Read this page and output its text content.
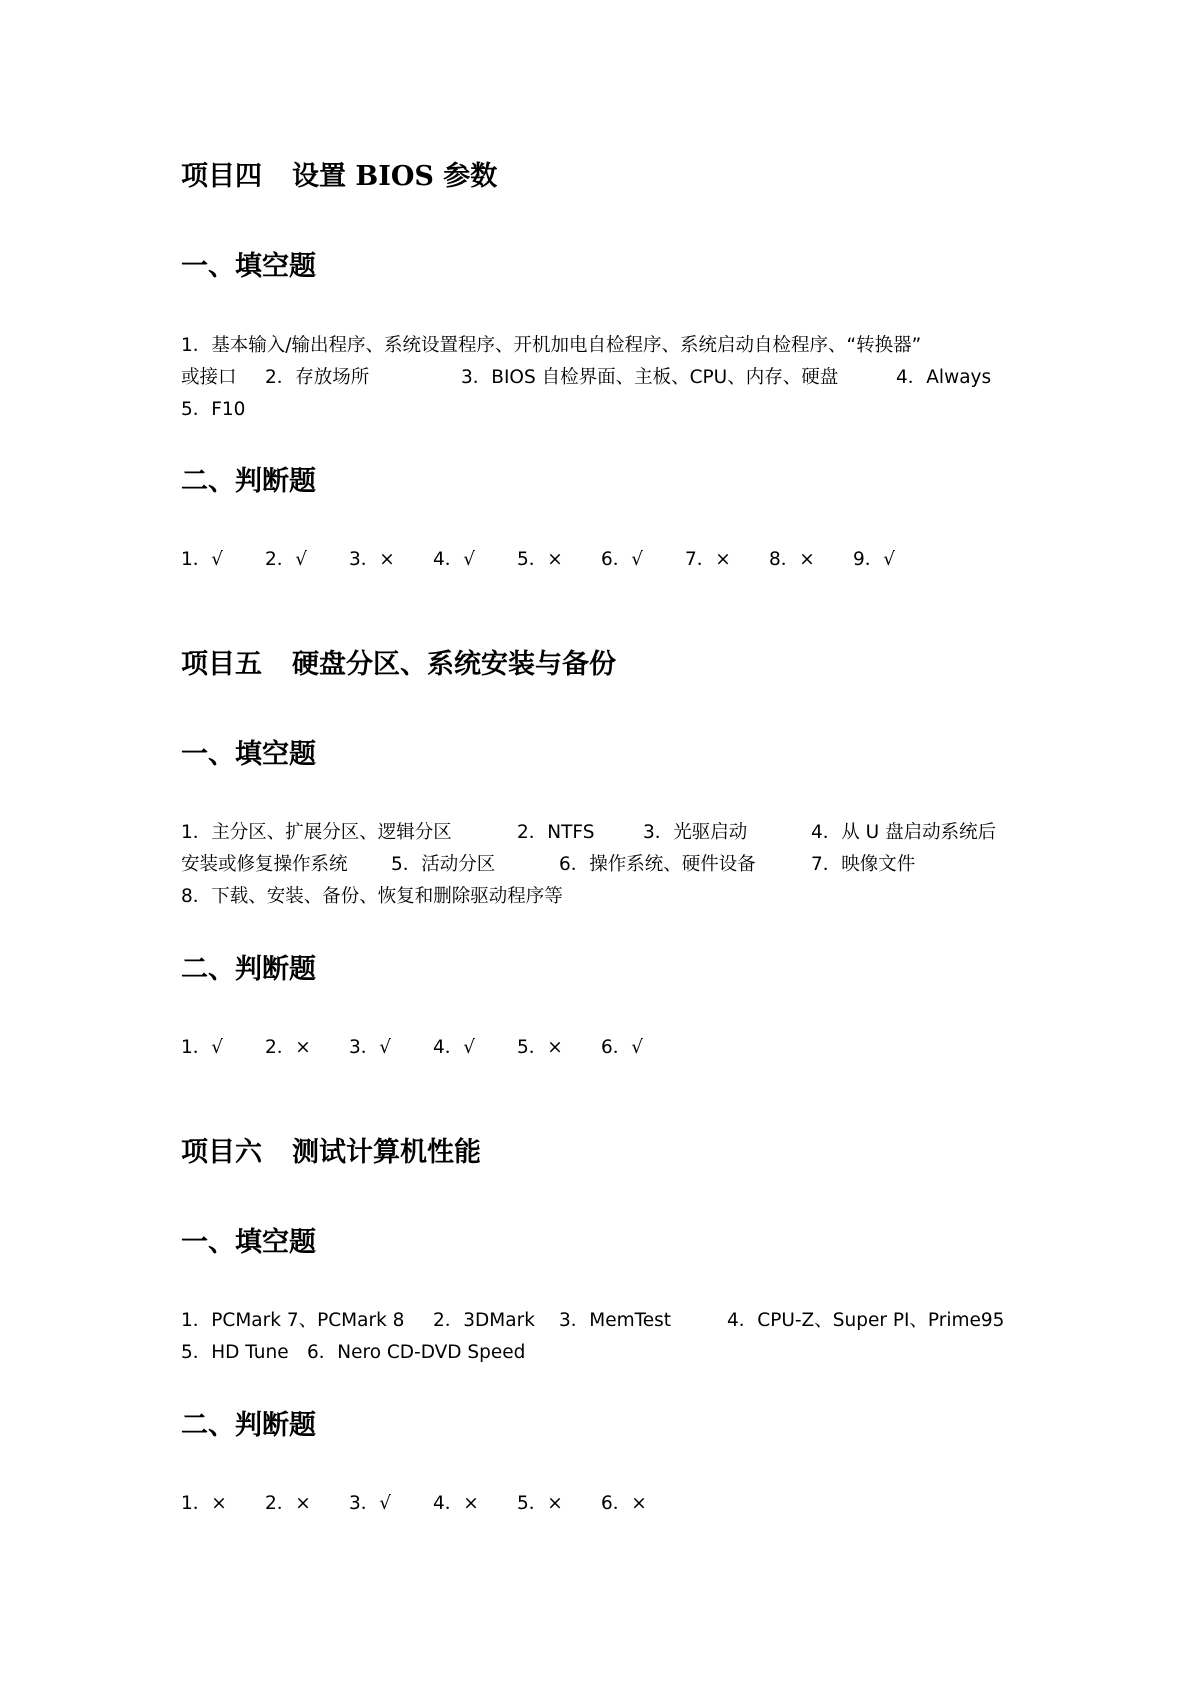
项目四 设置 BIOS 参数
一、填空题
1．基本输入/输出程序、系统设置程序、开机加电自检程序、系统启动自检程序、“转换器”
或接口 2．存放场所	3．BIOS 自检界面、主板、CPU、内存、硬盘	4．Always
5．F10
二、判断题
1．√ 2．√ 3．× 4．√ 5．× 6．√ 7．× 8．× 9．√
项目五 硬盘分区、系统安装与备份
一、填空题
1．主分区、扩展分区、逻辑分区	2．NTFS	3．光驱启动	4．从 U 盘启动系统后
安装或修复操作系统 5．活动分区	6．操作系统、硬件设备	7．映像文件
8．下载、安装、备份、恢复和删除驱动程序等
二、判断题
1．√ 2．× 3．√ 4．√ 5．× 6．√
项目六 测试计算机性能
一、填空题
1．PCMark 7、PCMark 8 2．3DMark 3．MemTest	4．CPU-Z、Super PI、Prime95
5．HD Tune 6．Nero CD-DVD Speed
二、判断题
1．× 2．× 3．√ 4．× 5．× 6．×
